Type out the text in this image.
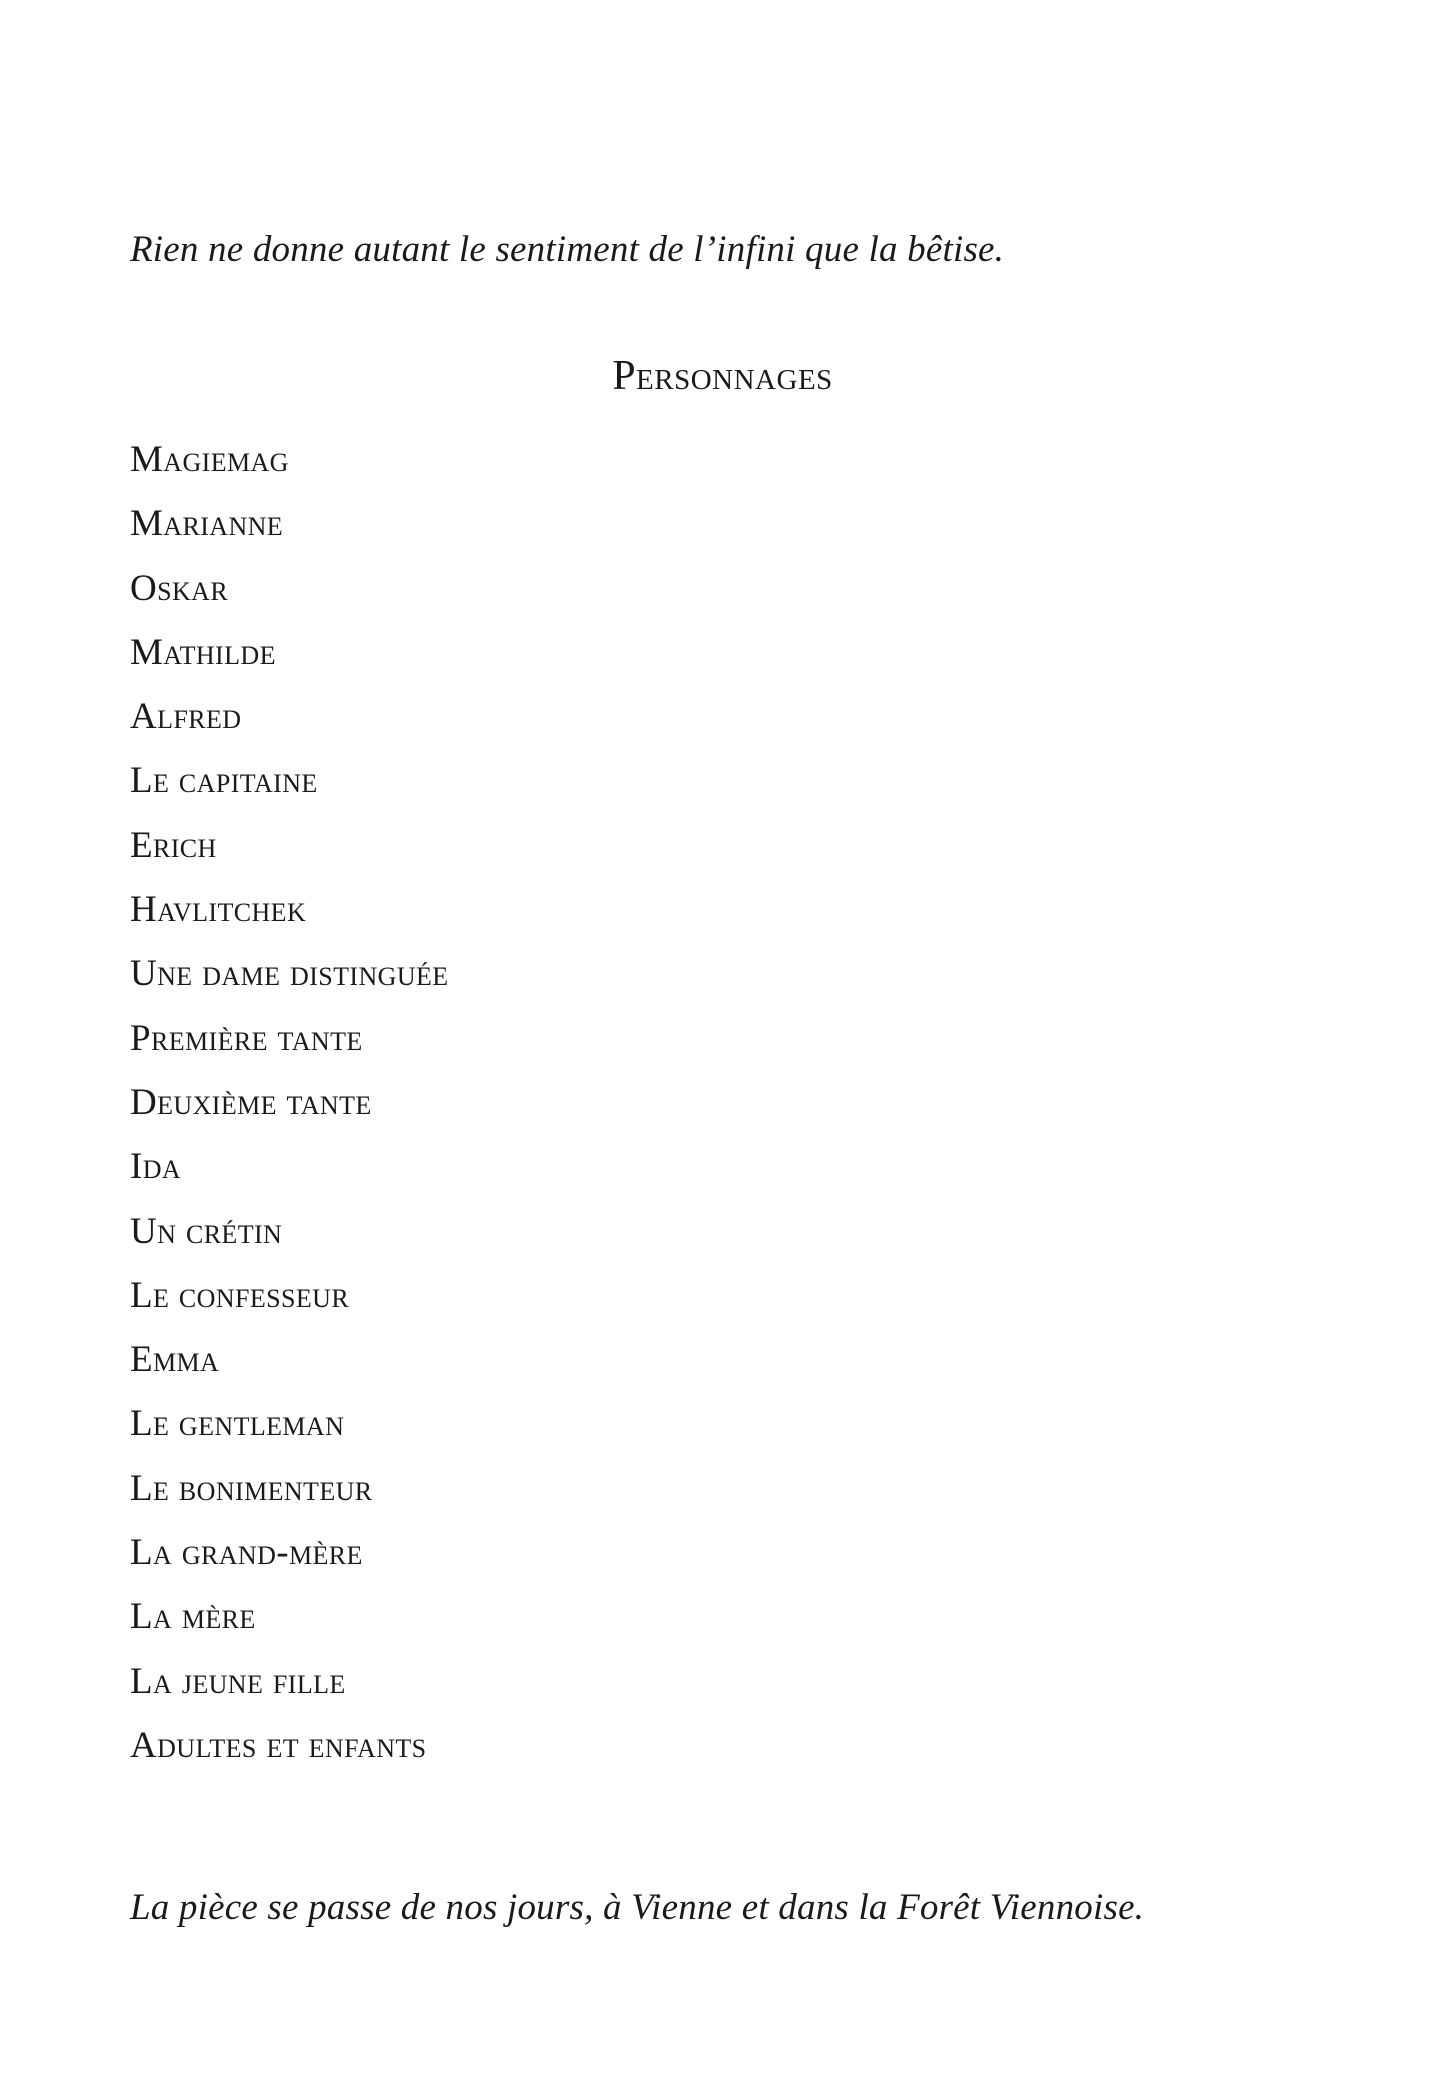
Rien ne donne autant le sentiment de l’infini que la bêtise.
Personnages
Magiemag
Marianne
Oskar
Mathilde
Alfred
Le capitaine
Erich
Havlitchek
Une dame distinguée
Première tante
Deuxième tante
Ida
Un crétin
Le confesseur
Emma
Le gentleman
Le bonimenteur
La grand-mère
La mère
La jeune fille
Adultes et enfants
La pièce se passe de nos jours, à Vienne et dans la Forêt Viennoise.
